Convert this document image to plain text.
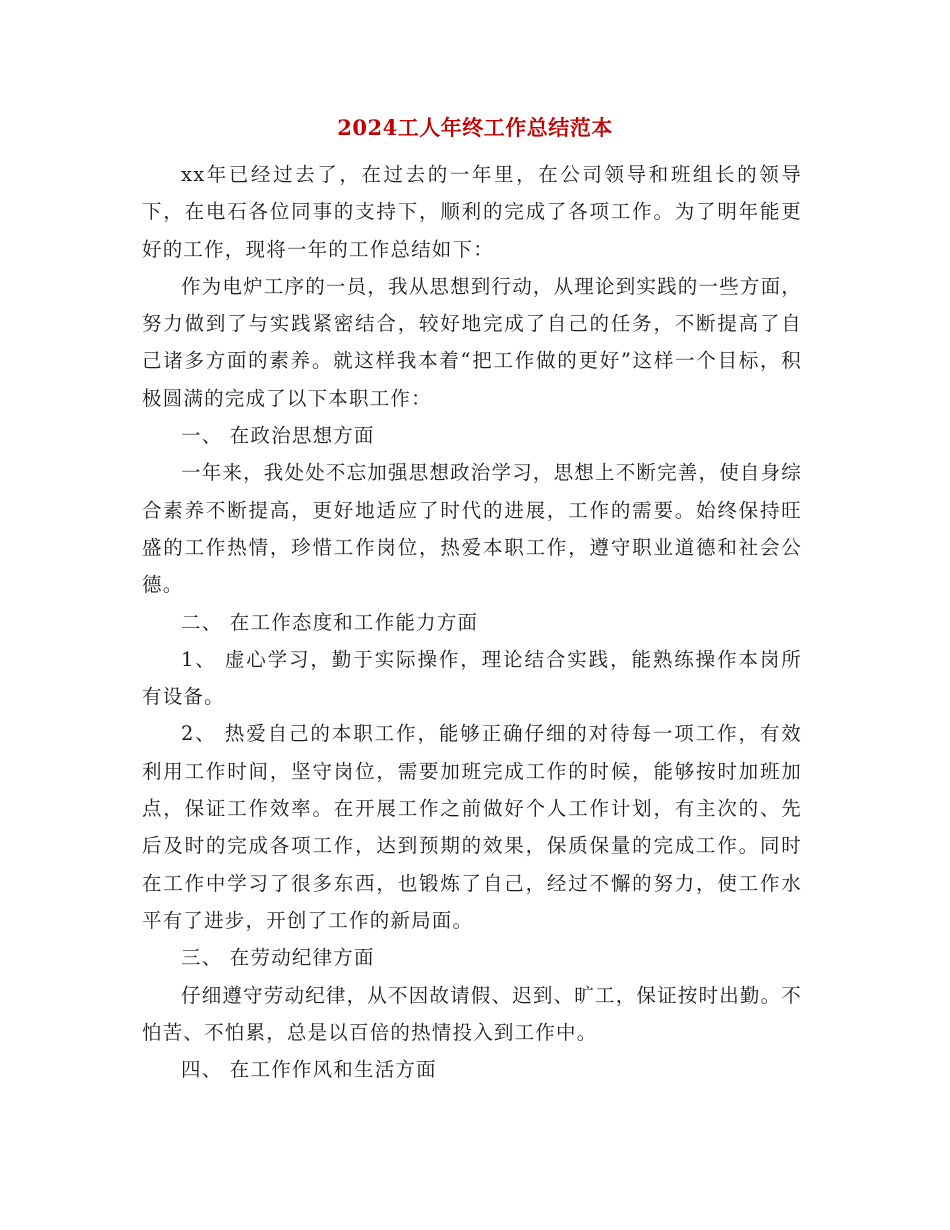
2024工人年终工作总结范本

xx年已经过去了，在过去的一年里，在公司领导和班组长的领导下，在电石各位同事的支持下，顺利的完成了各项工作。为了明年能更好的工作，现将一年的工作总结如下：

作为电炉工序的一员，我从思想到行动，从理论到实践的一些方面，努力做到了与实践紧密结合，较好地完成了自己的任务，不断提高了自己诸多方面的素养。就这样我本着“把工作做的更好”这样一个目标，积极圆满的完成了以下本职工作：

一、 在政治思想方面

一年来，我处处不忘加强思想政治学习，思想上不断完善，使自身综合素养不断提高，更好地适应了时代的进展，工作的需要。始终保持旺盛的工作热情，珍惜工作岗位，热爱本职工作，遵守职业道德和社会公德。

二、 在工作态度和工作能力方面

1、 虚心学习，勤于实际操作，理论结合实践，能熟练操作本岗所有设备。

2、 热爱自己的本职工作，能够正确仔细的对待每一项工作，有效利用工作时间，坚守岗位，需要加班完成工作的时候，能够按时加班加点，保证工作效率。在开展工作之前做好个人工作计划，有主次的、先后及时的完成各项工作，达到预期的效果，保质保量的完成工作。同时在工作中学习了很多东西，也锻炼了自己，经过不懈的努力，使工作水平有了进步，开创了工作的新局面。

三、 在劳动纪律方面

仔细遵守劳动纪律，从不因故请假、迟到、旷工，保证按时出勤。不怕苦、不怕累，总是以百倍的热情投入到工作中。

四、 在工作作风和生活方面
